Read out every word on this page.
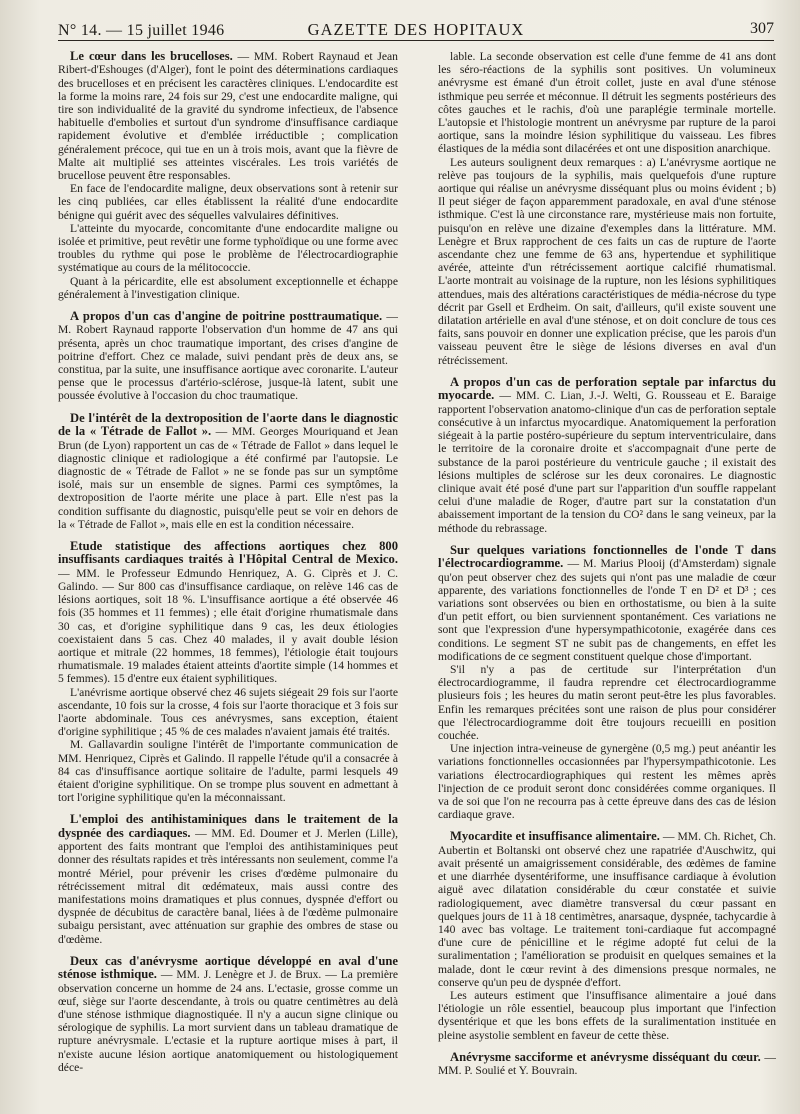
N° 14. — 15 juillet 1946	GAZETTE DES HOPITAUX	307

Le cœur dans les brucelloses. — MM. Robert Raynaud et Jean Ribert-d'Eshouges (d'Alger), font le point des déterminations cardiaques des brucelloses et en précisent les caractères cliniques. L'endocardite est la forme la moins rare, 24 fois sur 29, c'est une endocardite maligne, qui tire son individualité de la gravité du syndrome infectieux, de l'absence habituelle d'embolies et surtout d'un syndrome d'insuffisance cardiaque rapidement évolutive et d'emblée irréductible ; complication généralement précoce, qui tue en un à trois mois, avant que la fièvre de Malte ait multiplié ses atteintes viscérales. Les trois variétés de brucellose peuvent être responsables.

En face de l'endocardite maligne, deux observations sont à retenir sur les cinq publiées, car elles établissent la réalité d'une endocardite bénigne qui guérit avec des séquelles valvulaires définitives.

L'atteinte du myocarde, concomitante d'une endocardite maligne ou isolée et primitive, peut revêtir une forme typhoïdique ou une forme avec troubles du rythme qui pose le problème de l'électrocardiographie systématique au cours de la mélitococcie.

Quant à la péricardite, elle est absolument exceptionnelle et échappe généralement à l'investigation clinique.

A propos d'un cas d'angine de poitrine posttraumatique. — M. Robert Raynaud rapporte l'observation d'un homme de 47 ans qui présenta, après un choc traumatique important, des crises d'angine de poitrine d'effort. Chez ce malade, suivi pendant près de deux ans, se constitua, par la suite, une insuffisance aortique avec coronarite. L'auteur pense que le processus d'artério-sclérose, jusque-là latent, subit une poussée évolutive à l'occasion du choc traumatique.

De l'intérêt de la dextroposition de l'aorte dans le diagnostic de la « Tétrade de Fallot ». — MM. Georges Mouriquand et Jean Brun (de Lyon) rapportent un cas de « Tétrade de Fallot » dans lequel le diagnostic clinique et radiologique a été confirmé par l'autopsie. Le diagnostic de « Tétrade de Fallot » ne se fonde pas sur un symptôme isolé, mais sur un ensemble de signes. Parmi ces symptômes, la dextroposition de l'aorte mérite une place à part. Elle n'est pas la condition suffisante du diagnostic, puisqu'elle peut se voir en dehors de la « Tétrade de Fallot », mais elle en est la condition nécessaire.

Etude statistique des affections aortiques chez 800 insuffisants cardiaques traités à l'Hôpital Central de Mexico. — MM. le Professeur Edmundo Henriquez, A. G. Ciprès et J. C. Galindo. — Sur 800 cas d'insuffisance cardiaque, on relève 146 cas de lésions aortiques, soit 18 %. L'insuffisance aortique a été observée 46 fois (35 hommes et 11 femmes) ; elle était d'origine rhumatismale dans 30 cas, et d'origine syphilitique dans 9 cas, les deux étiologies coexistaient dans 5 cas. Chez 40 malades, il y avait double lésion aortique et mitrale (22 hommes, 18 femmes), l'étiologie était toujours rhumatismale. 19 malades étaient atteints d'aortite simple (14 hommes et 5 femmes). 15 d'entre eux étaient syphilitiques.

L'anévrisme aortique observé chez 46 sujets siégeait 29 fois sur l'aorte ascendante, 10 fois sur la crosse, 4 fois sur l'aorte thoracique et 3 fois sur l'aorte abdominale. Tous ces anévrysmes, sans exception, étaient d'origine syphilitique ; 45 % de ces malades n'avaient jamais été traités.

M. Gallavardin souligne l'intérêt de l'importante communication de MM. Henriquez, Ciprès et Galindo. Il rappelle l'étude qu'il a consacrée à 84 cas d'insuffisance aortique solitaire de l'adulte, parmi lesquels 49 étaient d'origine syphilitique. On se trompe plus souvent en admettant à tort l'origine syphilitique qu'en la méconnaissant.

L'emploi des antihistaminiques dans le traitement de la dyspnée des cardiaques. — MM. Ed. Doumer et J. Merlen (Lille), apportent des faits montrant que l'emploi des antihistaminiques peut donner des résultats rapides et très intéressants non seulement, comme l'a montré Mériel, pour prévenir les crises d'œdème pulmonaire du rétrécissement mitral dit œdémateux, mais aussi contre des manifestations moins dramatiques et plus connues, dyspnée d'effort ou dyspnée de décubitus de caractère banal, liées à de l'œdème pulmonaire subaigu persistant, avec atténuation sur graphie des ombres de stase ou d'œdème.

Deux cas d'anévrysme aortique développé en aval d'une sténose isthmique. — MM. J. Lenègre et J. de Brux. — La première observation concerne un homme de 24 ans. L'ectasie, grosse comme un œuf, siège sur l'aorte descendante, à trois ou quatre centimètres au delà d'une sténose isthmique diagnostiquée. Il n'y a aucun signe clinique ou sérologique de syphilis. La mort survient dans un tableau dramatique de rupture anévrysmale. L'ectasie et la rupture aortique mises à part, il n'existe aucune lésion aortique anatomiquement ou histologiquement déce-

lable. La seconde observation est celle d'une femme de 41 ans dont les séro-réactions de la syphilis sont positives. Un volumineux anévrysme est émané d'un étroit collet, juste en aval d'une sténose isthmique peu serrée et méconnue. Il détruit les segments postérieurs des côtes gauches et le rachis, d'où une paraplégie terminale mortelle. L'autopsie et l'histologie montrent un anévrysme par rupture de la paroi aortique, sans la moindre lésion syphilitique du vaisseau. Les fibres élastiques de la média sont dilacérées et ont une disposition anarchique.

Les auteurs soulignent deux remarques : a) L'anévrysme aortique ne relève pas toujours de la syphilis, mais quelquefois d'une rupture aortique qui réalise un anévrysme disséquant plus ou moins évident ; b) Il peut siéger de façon apparemment paradoxale, en aval d'une sténose isthmique. C'est là une circonstance rare, mystérieuse mais non fortuite, puisqu'on en relève une dizaine d'exemples dans la littérature. MM. Lenègre et Brux rapprochent de ces faits un cas de rupture de l'aorte ascendante chez une femme de 63 ans, hypertendue et syphilitique avérée, atteinte d'un rétrécissement aortique calcifié rhumatismal. L'aorte montrait au voisinage de la rupture, non les lésions syphilitiques attendues, mais des altérations caractéristiques de média-nécrose du type décrit par Gsell et Erdheim. On sait, d'ailleurs, qu'il existe souvent une dilatation artérielle en aval d'une sténose, et on doit conclure de tous ces faits, sans pouvoir en donner une explication précise, que les parois d'un vaisseau peuvent être le siège de lésions diverses en aval d'un rétrécissement.

A propos d'un cas de perforation septale par infarctus du myocarde. — MM. C. Lian, J.-J. Welti, G. Rousseau et E. Baraige rapportent l'observation anatomo-clinique d'un cas de perforation septale consécutive à un infarctus myocardique. Anatomiquement la perforation siégeait à la partie postéro-supérieure du septum interventriculaire, dans le territoire de la coronaire droite et s'accompagnait d'une perte de substance de la paroi postérieure du ventricule gauche ; il existait des lésions multiples de sclérose sur les deux coronaires. Le diagnostic clinique avait été posé d'une part sur l'apparition d'un souffle rappelant celui d'une maladie de Roger, d'autre part sur la constatation d'un abaissement important de la tension du CO² dans le sang veineux, par la méthode du rebrassage.

Sur quelques variations fonctionnelles de l'onde T dans l'électrocardiogramme. — M. Marius Plooij (d'Amsterdam) signale qu'on peut observer chez des sujets qui n'ont pas une maladie de cœur apparente, des variations fonctionnelles de l'onde T en D² et D³ ; ces variations sont observées ou bien en orthostatisme, ou bien à la suite d'un petit effort, ou bien surviennent spontanément. Ces variations ne sont que l'expression d'une hypersympathicotonie, exagérée dans ces conditions. Le segment ST ne subit pas de changements, en effet les modifications de ce segment constituent quelque chose d'important.

S'il n'y a pas de certitude sur l'interprétation d'un électrocardiogramme, il faudra reprendre cet électrocardiogramme plusieurs fois ; les heures du matin seront peut-être les plus favorables. Enfin les remarques précitées sont une raison de plus pour considérer que l'électrocardiogramme doit être toujours recueilli en position couchée.

Une injection intra-veineuse de gynergène (0,5 mg.) peut anéantir les variations fonctionnelles occasionnées par l'hypersympathicotonie. Les variations électrocardiographiques qui restent les mêmes après l'injection de ce produit seront donc considérées comme organiques. Il va de soi que l'on ne recourra pas à cette épreuve dans des cas de lésion cardiaque grave.

Myocardite et insuffisance alimentaire. — MM. Ch. Richet, Ch. Aubertin et Boltanski ont observé chez une rapatriée d'Auschwitz, qui avait présenté un amaigrissement considérable, des œdèmes de famine et une diarrhée dysentériforme, une insuffisance cardiaque à évolution aiguë avec dilatation considérable du cœur constatée et suivie radiologiquement, avec diamètre transversal du cœur passant en quelques jours de 11 à 18 centimètres, anarsaque, dyspnée, tachycardie à 140 avec bas voltage. Le traitement toni-cardiaque fut accompagné d'une cure de pénicilline et le régime adopté fut celui de la suralimentation ; l'amélioration se produisit en quelques semaines et la malade, dont le cœur revint à des dimensions presque normales, ne conserve qu'un peu de dyspnée d'effort.

Les auteurs estiment que l'insuffisance alimentaire a joué dans l'étiologie un rôle essentiel, beaucoup plus important que l'infection dysentérique et que les bons effets de la suralimentation instituée en pleine asystolie semblent en faveur de cette thèse.

Anévrysme sacciforme et anévrysme disséquant du cœur. — MM. P. Soulié et Y. Bouvrain.
